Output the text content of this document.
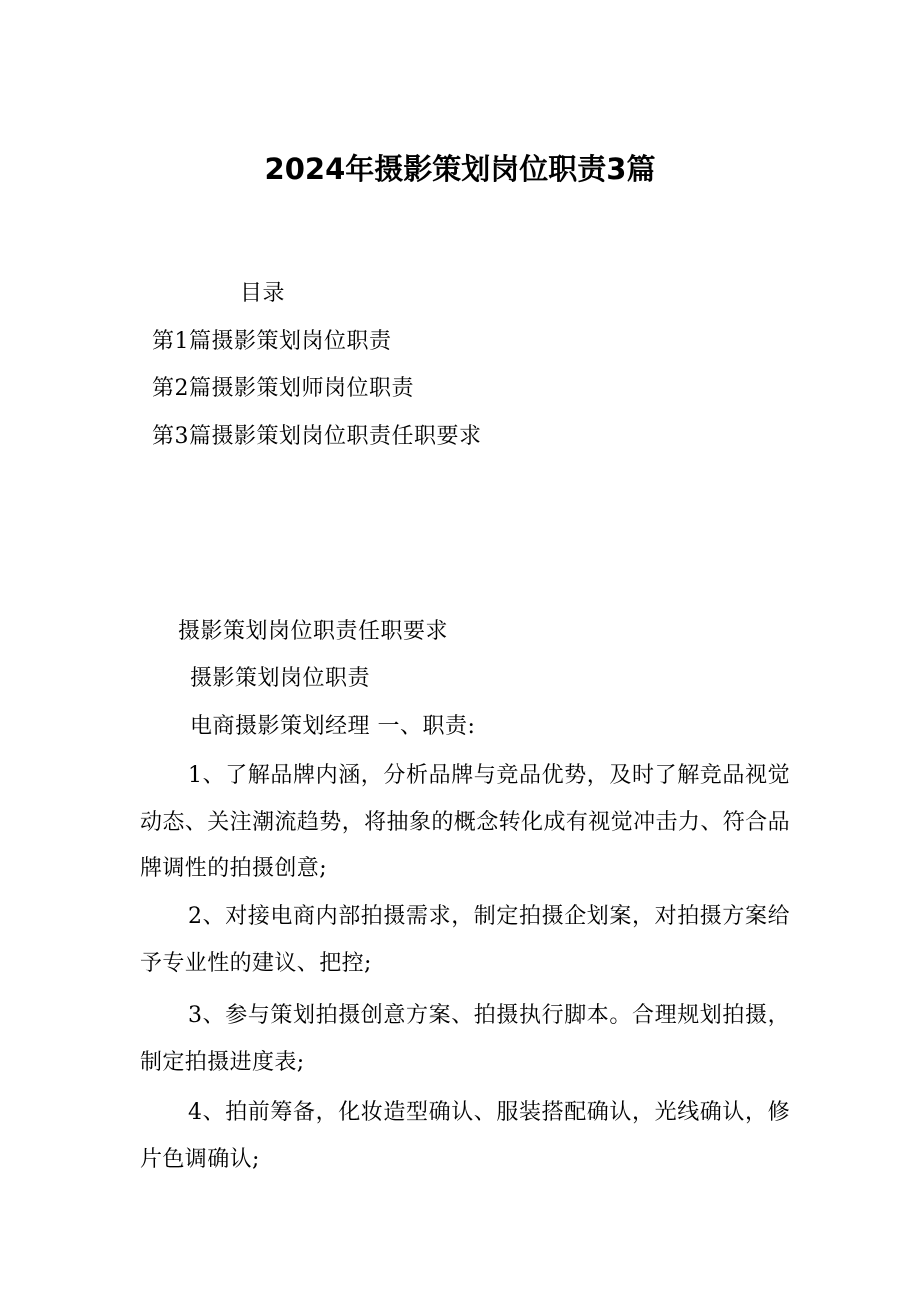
2024年摄影策划岗位职责3篇
目录
第1篇摄影策划岗位职责
第2篇摄影策划师岗位职责
第3篇摄影策划岗位职责任职要求
摄影策划岗位职责任职要求
摄影策划岗位职责
电商摄影策划经理 一、职责:
1、了解品牌内涵，分析品牌与竞品优势，及时了解竞品视觉动态、关注潮流趋势，将抽象的概念转化成有视觉冲击力、符合品牌调性的拍摄创意;
2、对接电商内部拍摄需求，制定拍摄企划案，对拍摄方案给予专业性的建议、把控;
3、参与策划拍摄创意方案、拍摄执行脚本。合理规划拍摄，制定拍摄进度表;
4、拍前筹备，化妆造型确认、服装搭配确认，光线确认，修片色调确认;
